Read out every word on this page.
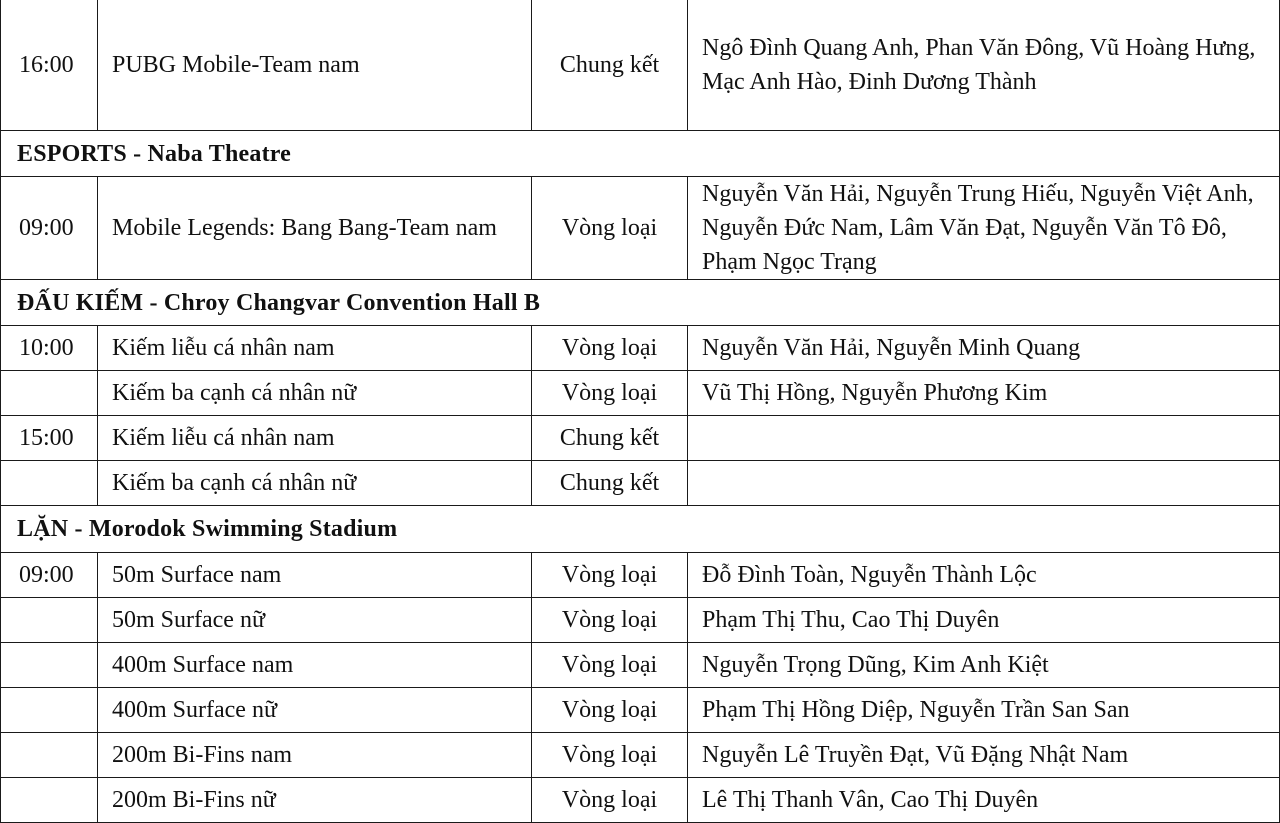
16:00	PUBG Mobile-Team nam	Chung kết	Ngô Đình Quang Anh, Phan Văn Đông, Vũ Hoàng Hưng, Mạc Anh Hào, Đinh Dương Thành
ESPORTS - Naba Theatre			
09:00	Mobile Legends: Bang Bang-Team nam	Vòng loại	Nguyễn Văn Hải, Nguyễn Trung Hiếu, Nguyễn Việt Anh, Nguyễn Đức Nam, Lâm Văn Đạt, Nguyễn Văn Tô Đô, Phạm Ngọc Trạng
ĐẤU KIẾM - Chroy Changvar Convention Hall B			
10:00	Kiếm liễu cá nhân nam	Vòng loại	Nguyễn Văn Hải, Nguyễn Minh Quang
	Kiếm ba cạnh cá nhân nữ	Vòng loại	Vũ Thị Hồng, Nguyễn Phương Kim
15:00	Kiếm liễu cá nhân nam	Chung kết	
	Kiếm ba cạnh cá nhân nữ	Chung kết	
LẶN - Morodok Swimming Stadium			
09:00	50m Surface nam	Vòng loại	Đỗ Đình Toàn, Nguyễn Thành Lộc
	50m Surface nữ	Vòng loại	Phạm Thị Thu, Cao Thị Duyên
	400m Surface nam	Vòng loại	Nguyễn Trọng Dũng, Kim Anh Kiệt
	400m Surface nữ	Vòng loại	Phạm Thị Hồng Diệp, Nguyễn Trần San San
	200m Bi-Fins nam	Vòng loại	Nguyễn Lê Truyền Đạt, Vũ Đặng Nhật Nam
	200m Bi-Fins nữ	Vòng loại	Lê Thị Thanh Vân, Cao Thị Duyên
